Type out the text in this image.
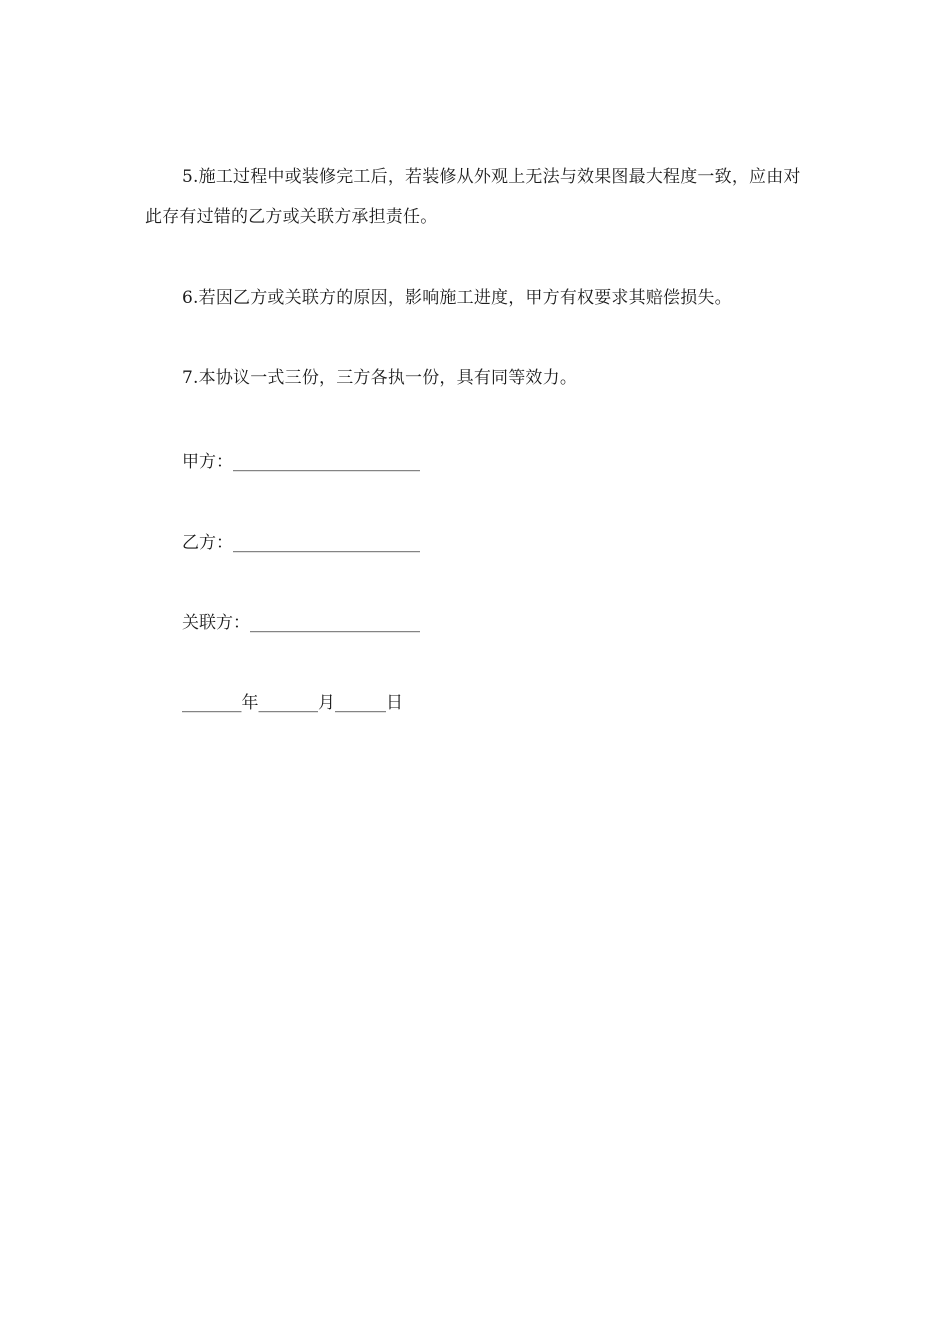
5.施工过程中或装修完工后，若装修从外观上无法与效果图最大程度一致，应由对此存有过错的乙方或关联方承担责任。

6.若因乙方或关联方的原因，影响施工进度，甲方有权要求其赔偿损失。

7.本协议一式三份，三方各执一份，具有同等效力。

甲方：______________________

乙方：______________________

关联方：____________________

_______年_______月______日
